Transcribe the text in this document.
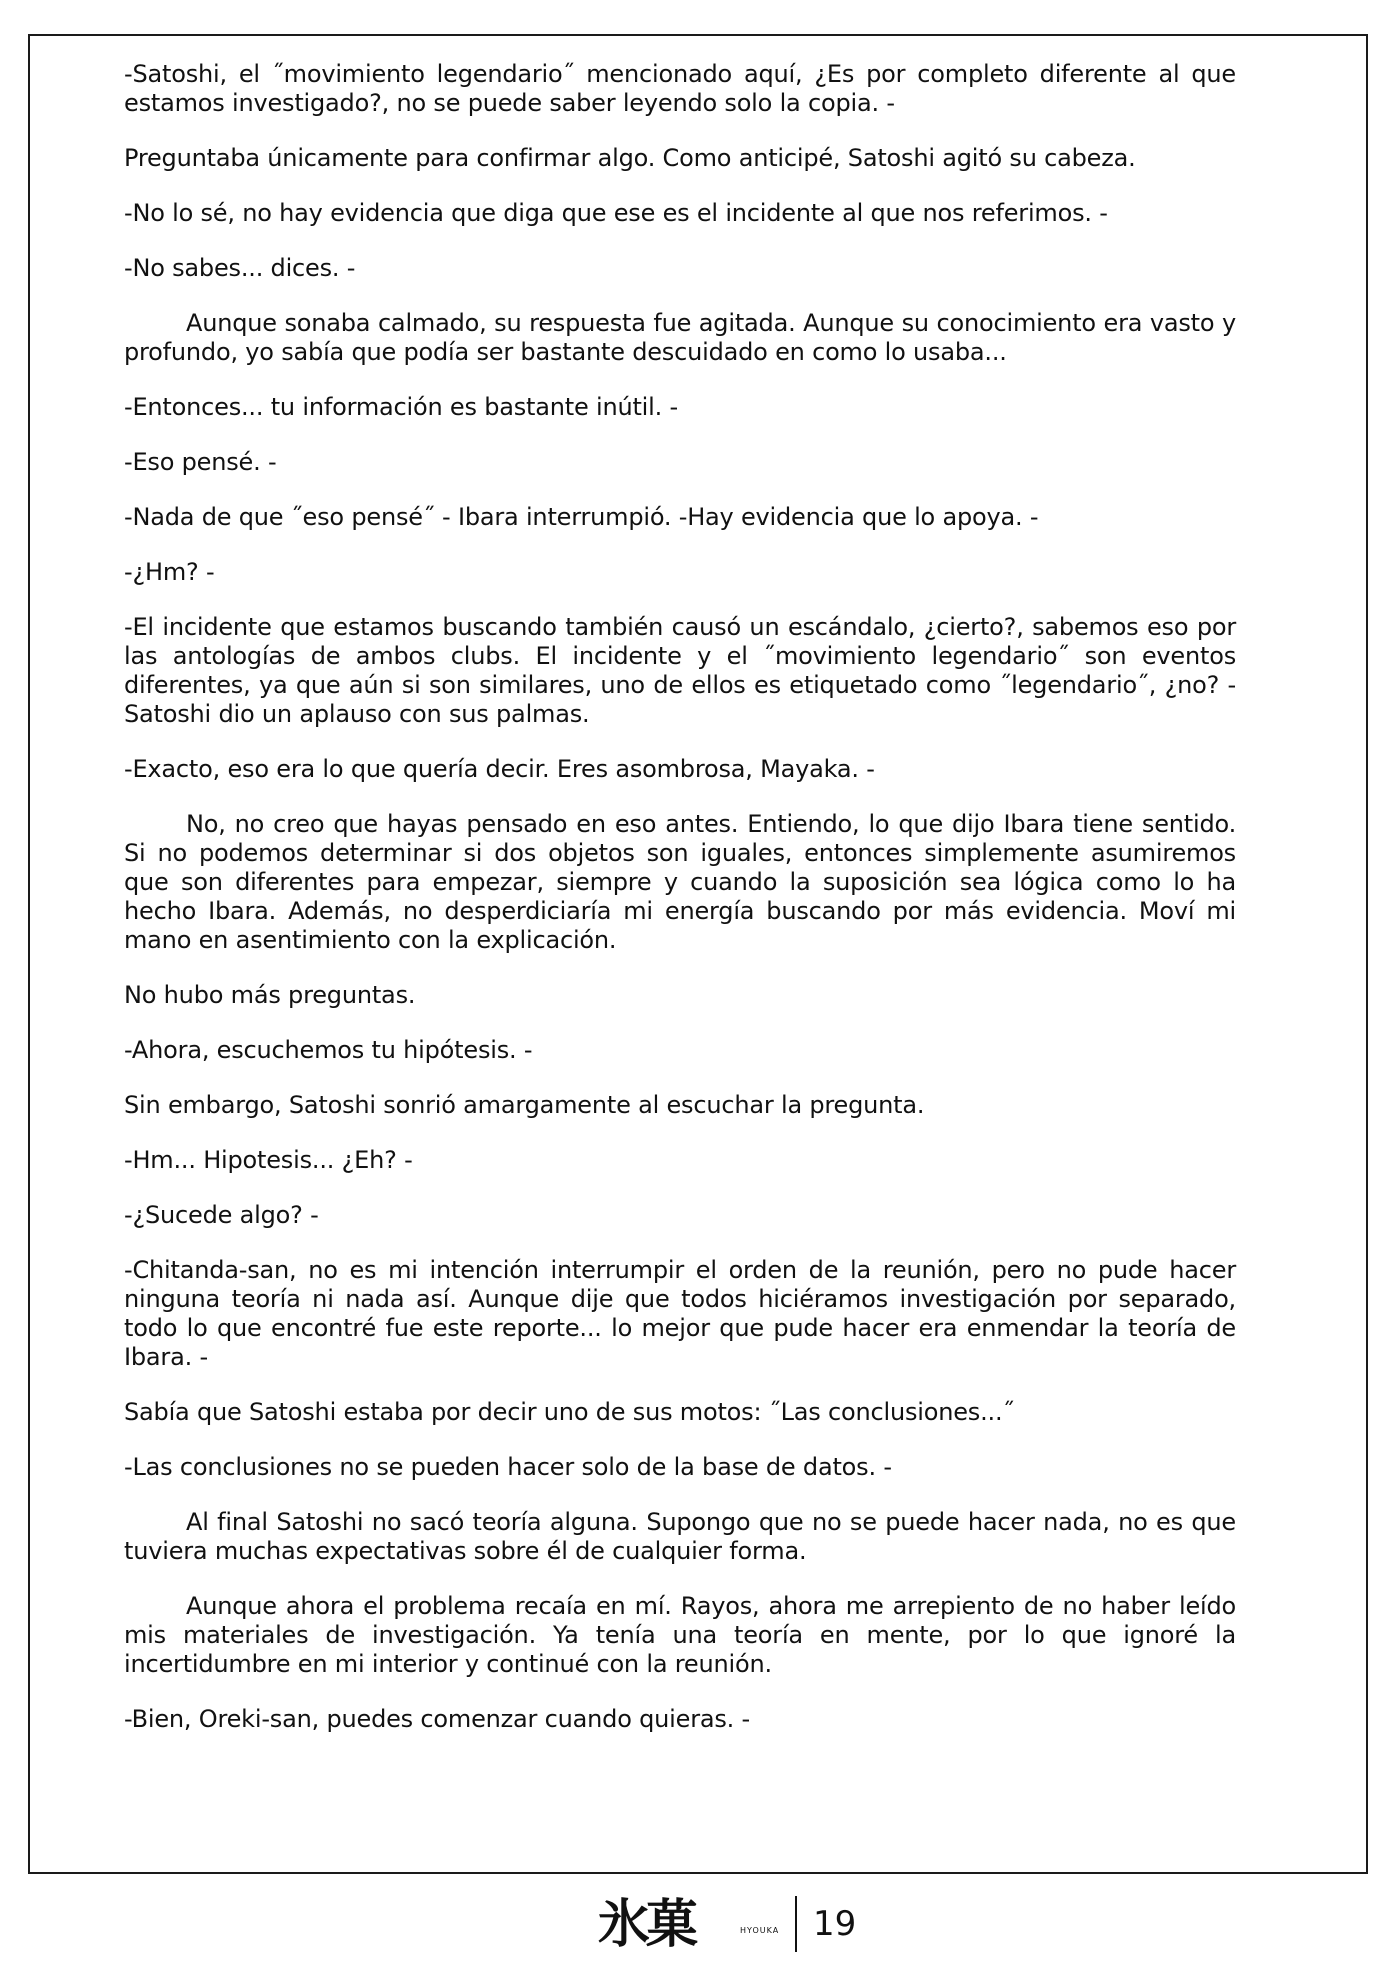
-Satoshi, el ˝movimiento legendario˝ mencionado aquí, ¿Es por completo diferente al que estamos investigado?, no se puede saber leyendo solo la copia. -

Preguntaba únicamente para confirmar algo. Como anticipé, Satoshi agitó su cabeza.

-No lo sé, no hay evidencia que diga que ese es el incidente al que nos referimos. -

-No sabes... dices. -

Aunque sonaba calmado, su respuesta fue agitada. Aunque su conocimiento era vasto y profundo, yo sabía que podía ser bastante descuidado en como lo usaba...

-Entonces... tu información es bastante inútil. -

-Eso pensé. -

-Nada de que ˝eso pensé˝ - Ibara interrumpió. -Hay evidencia que lo apoya. -

-¿Hm? -

-El incidente que estamos buscando también causó un escándalo, ¿cierto?, sabemos eso por las antologías de ambos clubs. El incidente y el ˝movimiento legendario˝ son eventos diferentes, ya que aún si son similares, uno de ellos es etiquetado como ˝legendario˝, ¿no? - Satoshi dio un aplauso con sus palmas.

-Exacto, eso era lo que quería decir. Eres asombrosa, Mayaka. -

No, no creo que hayas pensado en eso antes. Entiendo, lo que dijo Ibara tiene sentido. Si no podemos determinar si dos objetos son iguales, entonces simplemente asumiremos que son diferentes para empezar, siempre y cuando la suposición sea lógica como lo ha hecho Ibara. Además, no desperdiciaría mi energía buscando por más evidencia. Moví mi mano en asentimiento con la explicación.

No hubo más preguntas.

-Ahora, escuchemos tu hipótesis. -

Sin embargo, Satoshi sonrió amargamente al escuchar la pregunta.

-Hm... Hipotesis... ¿Eh? -

-¿Sucede algo? -

-Chitanda-san, no es mi intención interrumpir el orden de la reunión, pero no pude hacer ninguna teoría ni nada así. Aunque dije que todos hiciéramos investigación por separado, todo lo que encontré fue este reporte... lo mejor que pude hacer era enmendar la teoría de Ibara. -

Sabía que Satoshi estaba por decir uno de sus motos: ˝Las conclusiones...˝

-Las conclusiones no se pueden hacer solo de la base de datos. -

Al final Satoshi no sacó teoría alguna. Supongo que no se puede hacer nada, no es que tuviera muchas expectativas sobre él de cualquier forma.

Aunque ahora el problema recaía en mí. Rayos, ahora me arrepiento de no haber leído mis materiales de investigación. Ya tenía una teoría en mente, por lo que ignoré la incertidumbre en mi interior y continué con la reunión.

-Bien, Oreki-san, puedes comenzar cuando quieras. -

氷菓	HYOUKA 19
